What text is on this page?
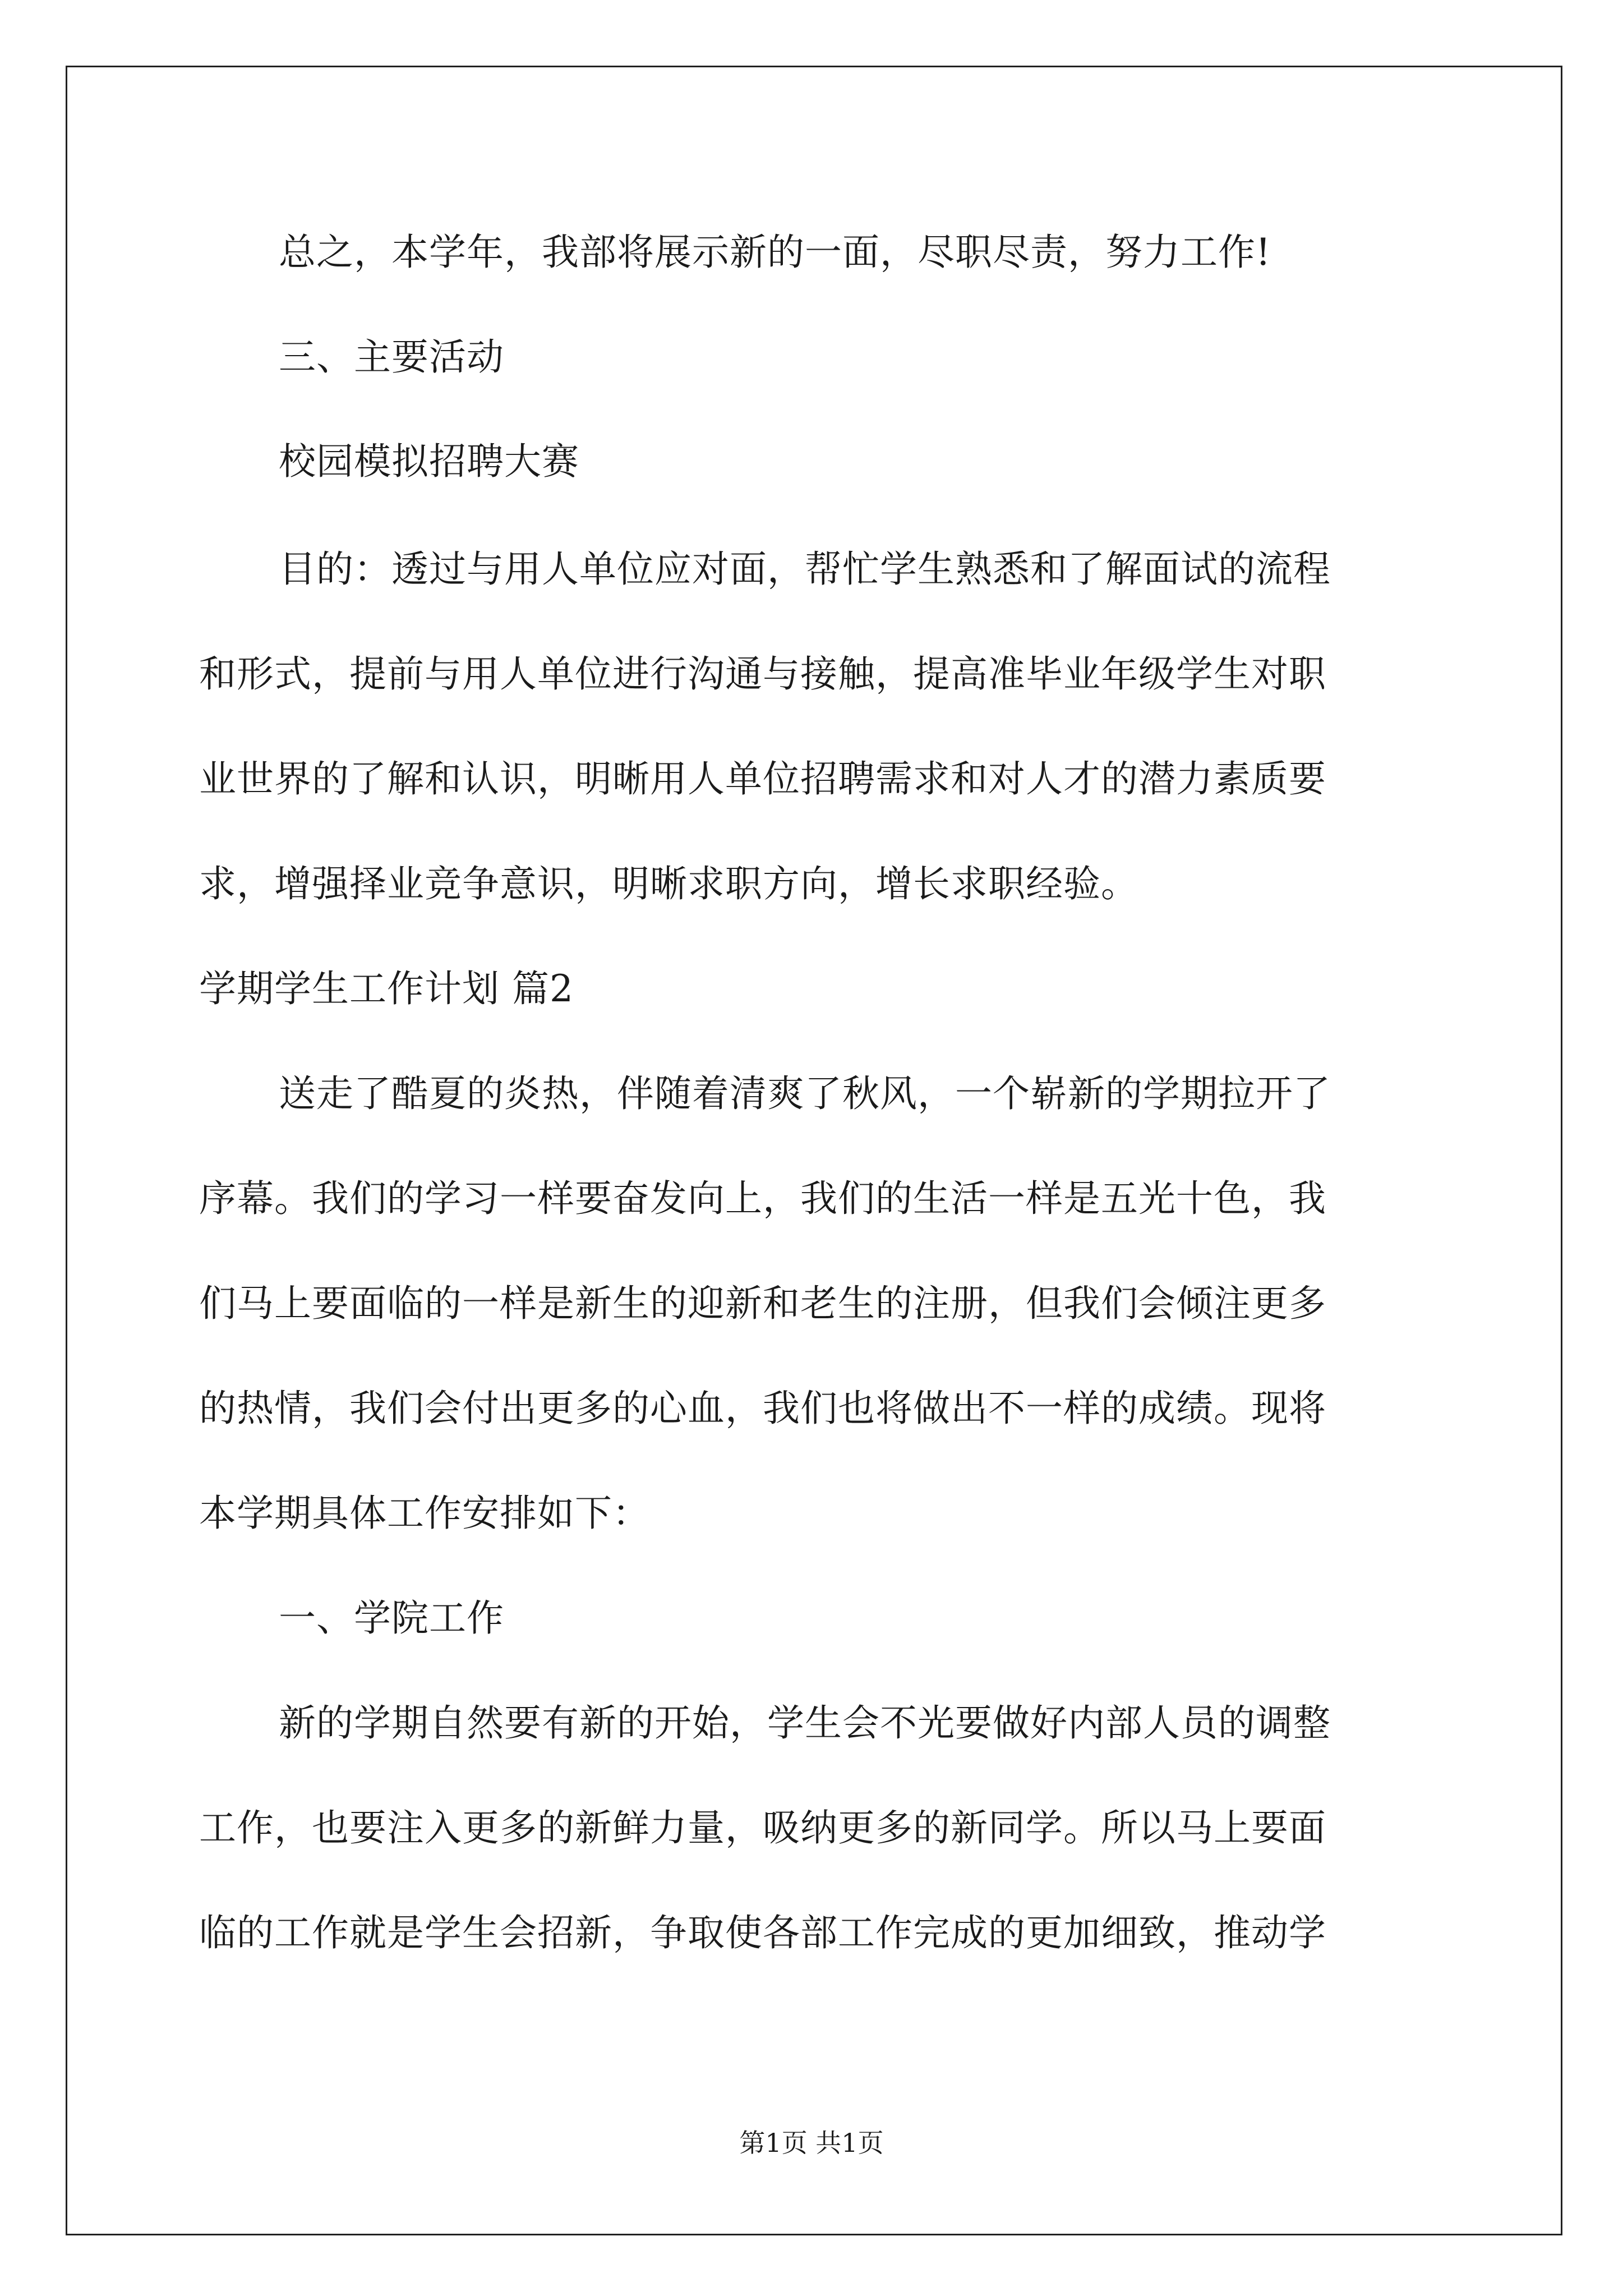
总之，本学年，我部将展示新的一面，尽职尽责，努力工作!

三、主要活动

校园模拟招聘大赛

目的：透过与用人单位应对面，帮忙学生熟悉和了解面试的流程

和形式，提前与用人单位进行沟通与接触，提高准毕业年级学生对职

业世界的了解和认识，明晰用人单位招聘需求和对人才的潜力素质要

求，增强择业竞争意识，明晰求职方向，增长求职经验。

学期学生工作计划 篇2

送走了酷夏的炎热，伴随着清爽了秋风，一个崭新的学期拉开了

序幕。我们的学习一样要奋发向上，我们的生活一样是五光十色，我

们马上要面临的一样是新生的迎新和老生的注册，但我们会倾注更多

的热情，我们会付出更多的心血，我们也将做出不一样的成绩。现将

本学期具体工作安排如下：

一、学院工作

新的学期自然要有新的开始，学生会不光要做好内部人员的调整

工作，也要注入更多的新鲜力量，吸纳更多的新同学。所以马上要面

临的工作就是学生会招新，争取使各部工作完成的更加细致，推动学

第1页 共1页
